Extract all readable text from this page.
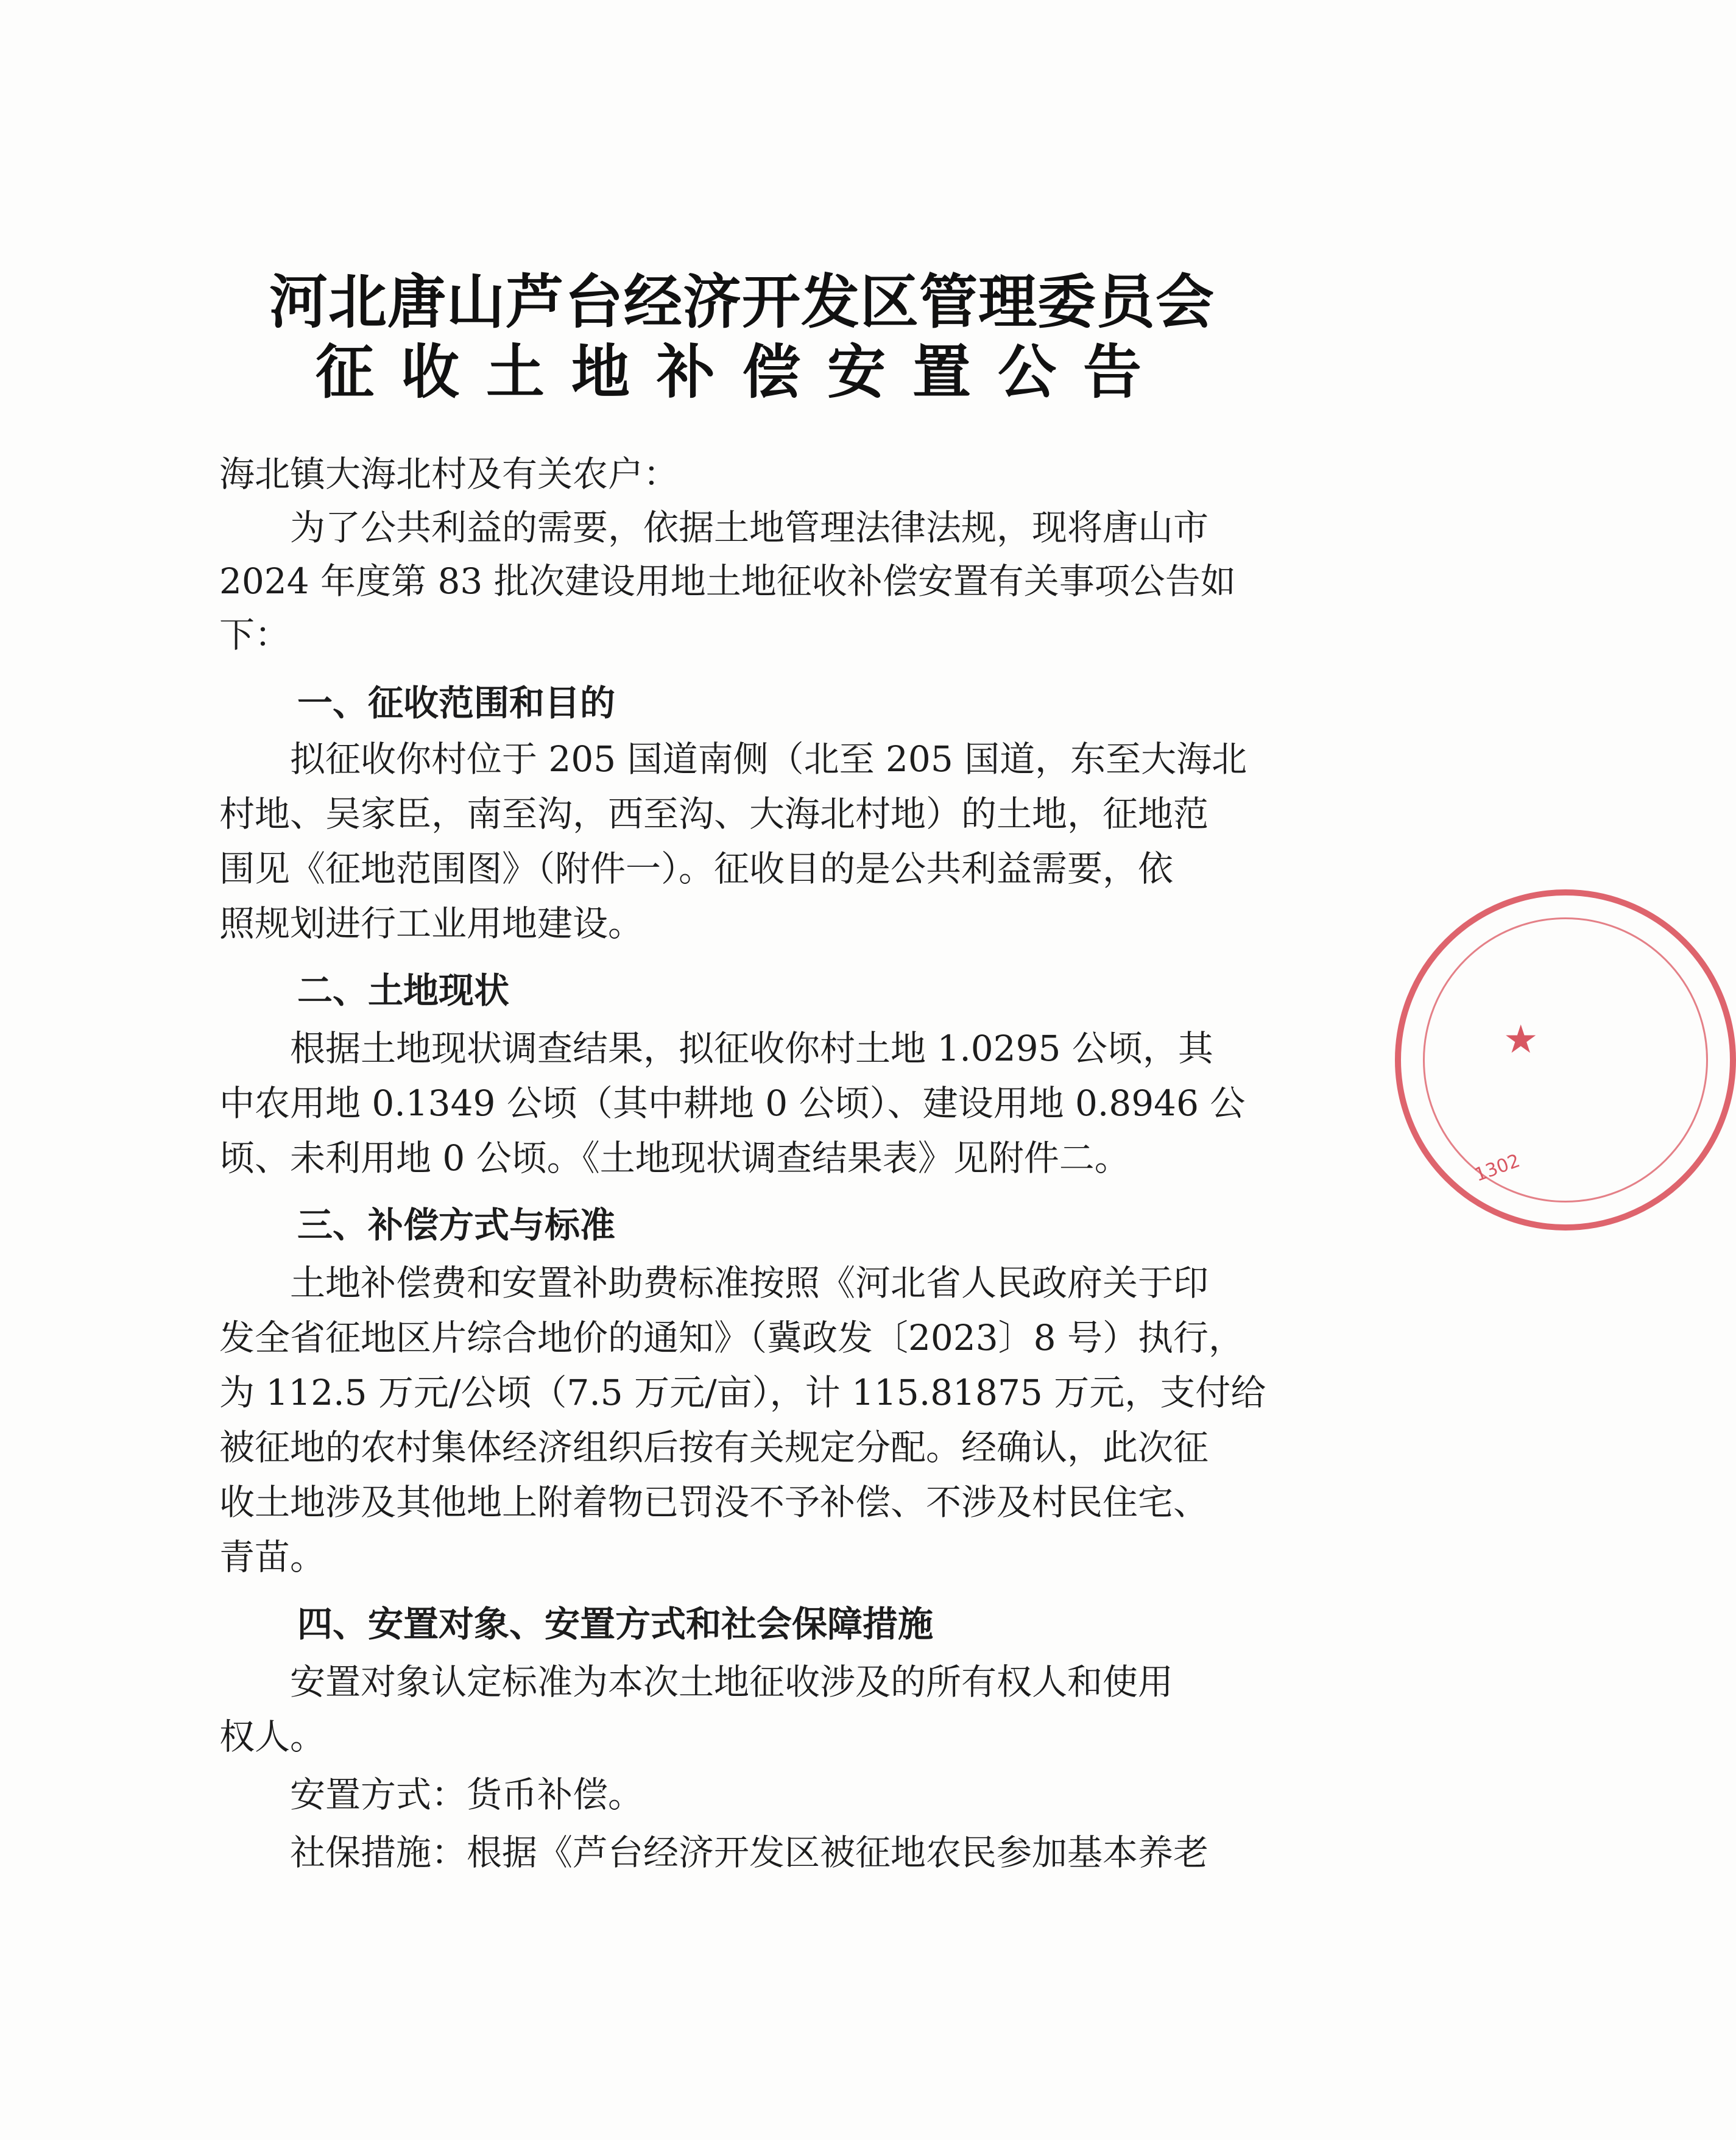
河北唐山芦台经济开发区管理委员会
征收土地补偿安置公告
海北镇大海北村及有关农户：
　　为了公共利益的需要，依据土地管理法律法规，现将唐山市
2024 年度第 83 批次建设用地土地征收补偿安置有关事项公告如
下：
一、征收范围和目的
　　拟征收你村位于 205 国道南侧（北至 205 国道，东至大海北
村地、吴家臣，南至沟，西至沟、大海北村地）的土地，征地范
围见《征地范围图》（附件一）。征收目的是公共利益需要，依
照规划进行工业用地建设。
二、土地现状
　　根据土地现状调查结果，拟征收你村土地 1.0295 公顷，其
中农用地 0.1349 公顷（其中耕地 0 公顷）、建设用地 0.8946 公
顷、未利用地 0 公顷。《土地现状调查结果表》见附件二。
三、补偿方式与标准
　　土地补偿费和安置补助费标准按照《河北省人民政府关于印
发全省征地区片综合地价的通知》（冀政发〔2023〕8 号）执行，
为 112.5 万元/公顷（7.5 万元/亩），计 115.81875 万元，支付给
被征地的农村集体经济组织后按有关规定分配。经确认，此次征
收土地涉及其他地上附着物已罚没不予补偿、不涉及村民住宅、
青苗。
四、安置对象、安置方式和社会保障措施
　　安置对象认定标准为本次土地征收涉及的所有权人和使用
权人。
　　安置方式：货币补偿。
　　社保措施：根据《芦台经济开发区被征地农民参加基本养老
★
1302
